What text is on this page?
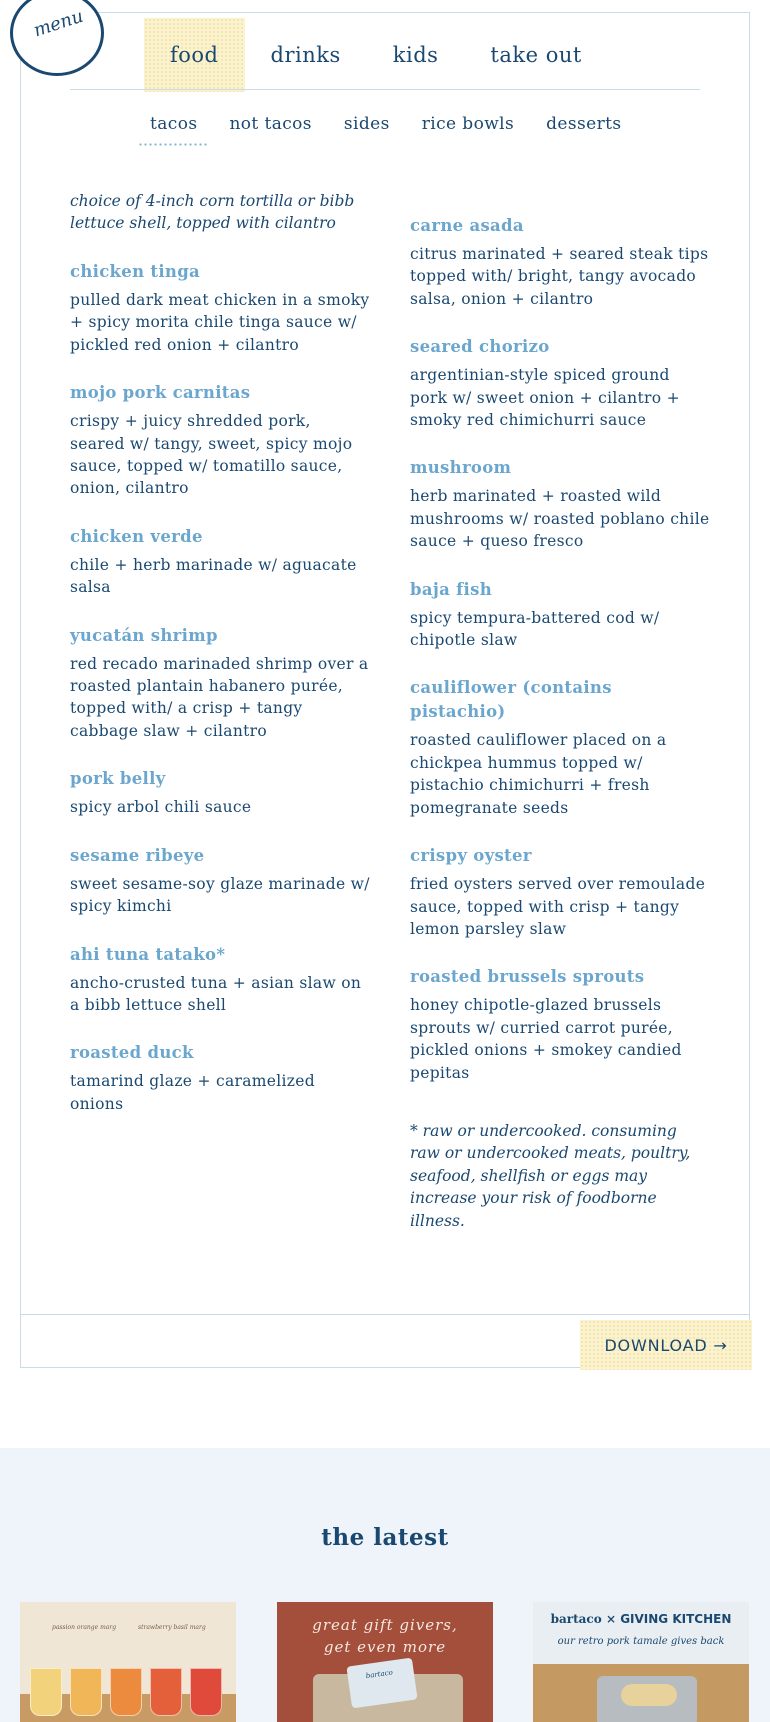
menu
food	drinks	kids	take out
tacos	not tacos	sides	rice bowls	desserts

choice of 4-inch corn tortilla or bibb lettuce shell, topped with cilantro

chicken tinga
pulled dark meat chicken in a smoky + spicy morita chile tinga sauce w/ pickled red onion + cilantro
mojo pork carnitas
crispy + juicy shredded pork, seared w/ tangy, sweet, spicy mojo sauce, topped w/ tomatillo sauce, onion, cilantro
chicken verde
chile + herb marinade w/ aguacate salsa
yucatán shrimp
red recado marinaded shrimp over a roasted plantain habanero purée, topped with/ a crisp + tangy cabbage slaw + cilantro
pork belly
spicy arbol chili sauce
sesame ribeye
sweet sesame-soy glaze marinade w/ spicy kimchi
ahi tuna tatako*
ancho-crusted tuna + asian slaw on a bibb lettuce shell
roasted duck
tamarind glaze + caramelized onions
carne asada
citrus marinated + seared steak tips topped with/ bright, tangy avocado salsa, onion + cilantro
seared chorizo
argentinian-style spiced ground pork w/ sweet onion + cilantro + smoky red chimichurri sauce
mushroom
herb marinated + roasted wild mushrooms w/ roasted poblano chile sauce + queso fresco
baja fish
spicy tempura-battered cod w/ chipotle slaw
cauliflower (contains pistachio)
roasted cauliflower placed on a chickpea hummus topped w/ pistachio chimichurri + fresh pomegranate seeds
crispy oyster
fried oysters served over remoulade sauce, topped with crisp + tangy lemon parsley slaw
roasted brussels sprouts
honey chipotle-glazed brussels sprouts w/ curried carrot purée, pickled onions + smokey candied pepitas

* raw or undercooked. consuming raw or undercooked meats, poultry, seafood, shellfish or eggs may increase your risk of foodborne illness.

DOWNLOAD →
the latest
passion orange marg	strawberry basil marg	great gift givers,
get even more
bartaco
bartaco × GIVING KITCHEN
our retro pork tamale gives back
